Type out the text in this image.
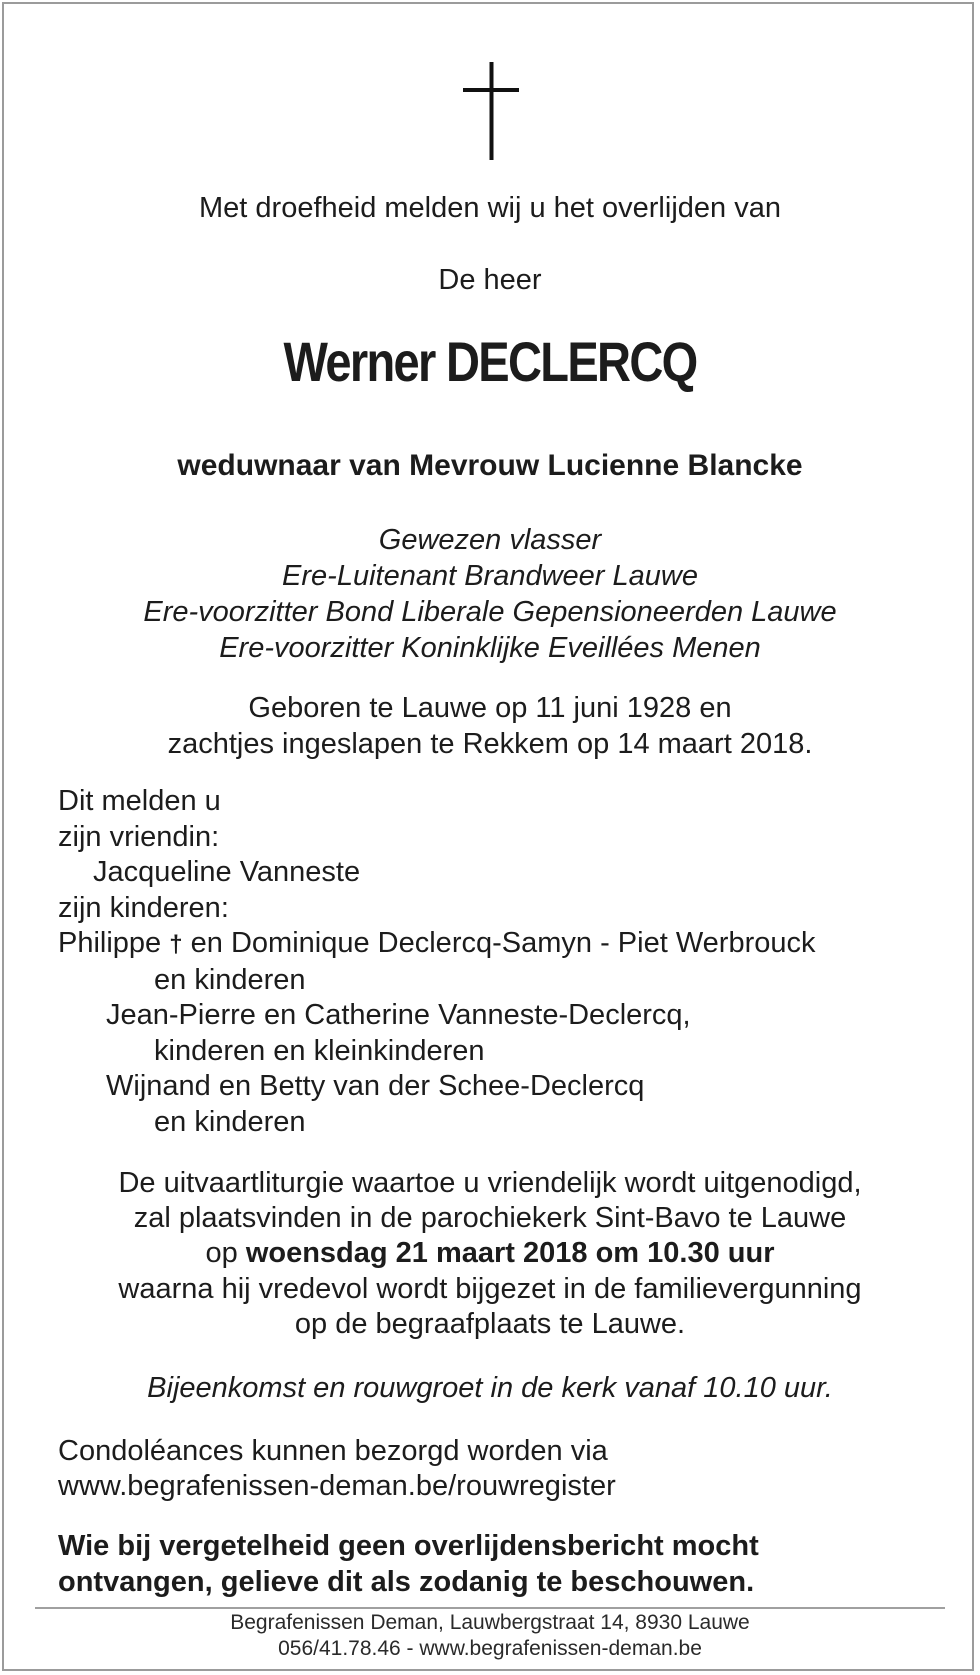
Met droefheid melden wij u het overlijden van
De heer
Werner DECLERCQ
weduwnaar van Mevrouw Lucienne Blancke
Gewezen vlasser
Ere-Luitenant Brandweer Lauwe
Ere-voorzitter Bond Liberale Gepensioneerden Lauwe
Ere-voorzitter Koninklijke Eveillées Menen
Geboren te Lauwe op 11 juni 1928 en
zachtjes ingeslapen te Rekkem op 14 maart 2018.
Dit melden u
zijn vriendin:
Jacqueline Vanneste
zijn kinderen:
Philippe † en Dominique Declercq-Samyn - Piet Werbrouck
en kinderen
Jean-Pierre en Catherine Vanneste-Declercq,
kinderen en kleinkinderen
Wijnand en Betty van der Schee-Declercq
en kinderen
De uitvaartliturgie waartoe u vriendelijk wordt uitgenodigd,
zal plaatsvinden in de parochiekerk Sint-Bavo te Lauwe
op woensdag 21 maart 2018 om 10.30 uur
waarna hij vredevol wordt bijgezet in de familievergunning
op de begraafplaats te Lauwe.
Bijeenkomst en rouwgroet in de kerk vanaf 10.10 uur.
Condoléances kunnen bezorgd worden via
www.begrafenissen-deman.be/rouwregister
Wie bij vergetelheid geen overlijdensbericht mocht
ontvangen, gelieve dit als zodanig te beschouwen.
Begrafenissen Deman, Lauwbergstraat 14, 8930 Lauwe
056/41.78.46 - www.begrafenissen-deman.be
